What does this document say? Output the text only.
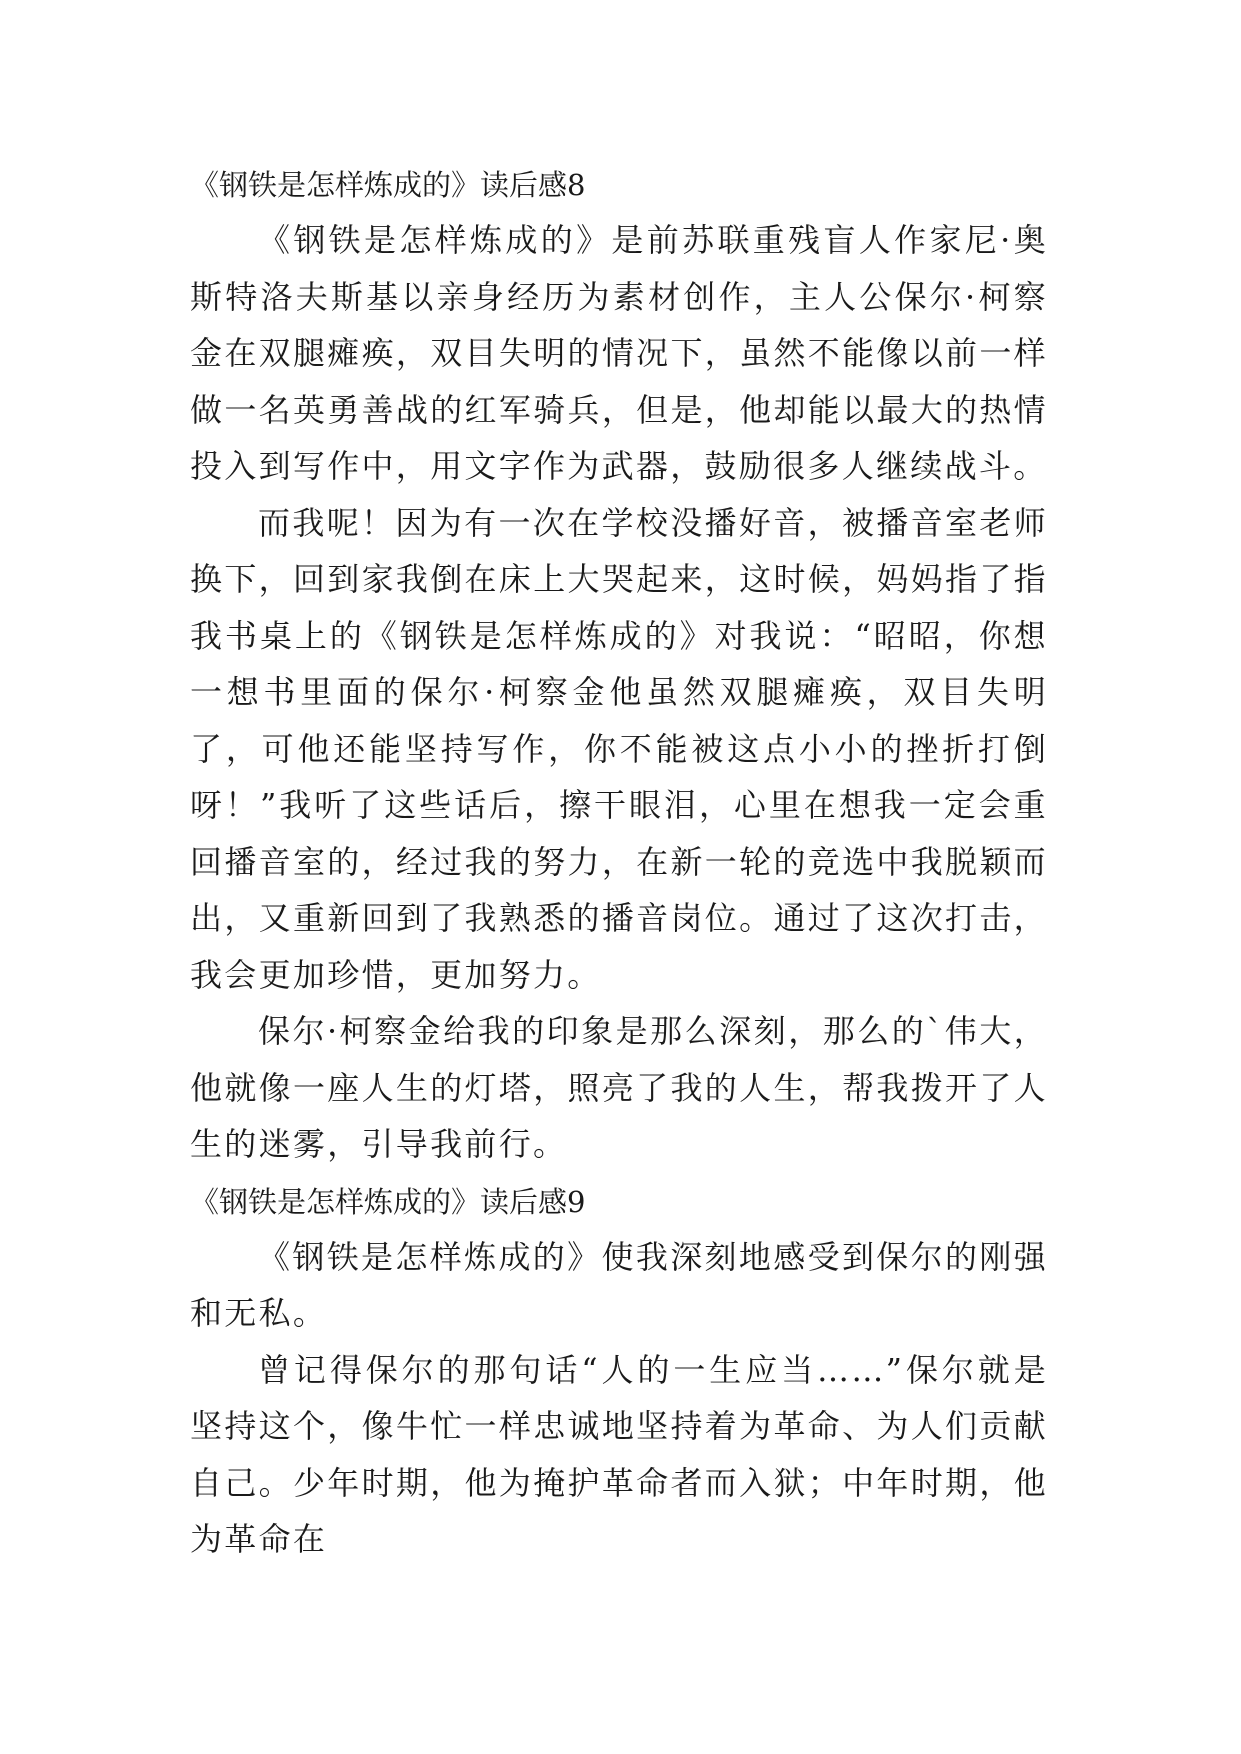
《钢铁是怎样炼成的》读后感8

《钢铁是怎样炼成的》是前苏联重残盲人作家尼·奥斯特洛夫斯基以亲身经历为素材创作，主人公保尔·柯察金在双腿瘫痪，双目失明的情况下，虽然不能像以前一样做一名英勇善战的红军骑兵，但是，他却能以最大的热情投入到写作中，用文字作为武器，鼓励很多人继续战斗。

而我呢！因为有一次在学校没播好音，被播音室老师换下，回到家我倒在床上大哭起来，这时候，妈妈指了指我书桌上的《钢铁是怎样炼成的》对我说：“昭昭，你想一想书里面的保尔·柯察金他虽然双腿瘫痪，双目失明了，可他还能坚持写作，你不能被这点小小的挫折打倒呀！”我听了这些话后，擦干眼泪，心里在想我一定会重回播音室的，经过我的努力，在新一轮的竞选中我脱颖而出，又重新回到了我熟悉的播音岗位。通过了这次打击，我会更加珍惜，更加努力。

保尔·柯察金给我的印象是那么深刻，那么的`伟大，他就像一座人生的灯塔，照亮了我的人生，帮我拨开了人生的迷雾，引导我前行。

《钢铁是怎样炼成的》读后感9

《钢铁是怎样炼成的》使我深刻地感受到保尔的刚强和无私。

曾记得保尔的那句话“人的一生应当……”保尔就是坚持这个，像牛忙一样忠诚地坚持着为革命、为人们贡献自己。少年时期，他为掩护革命者而入狱；中年时期，他为革命在
